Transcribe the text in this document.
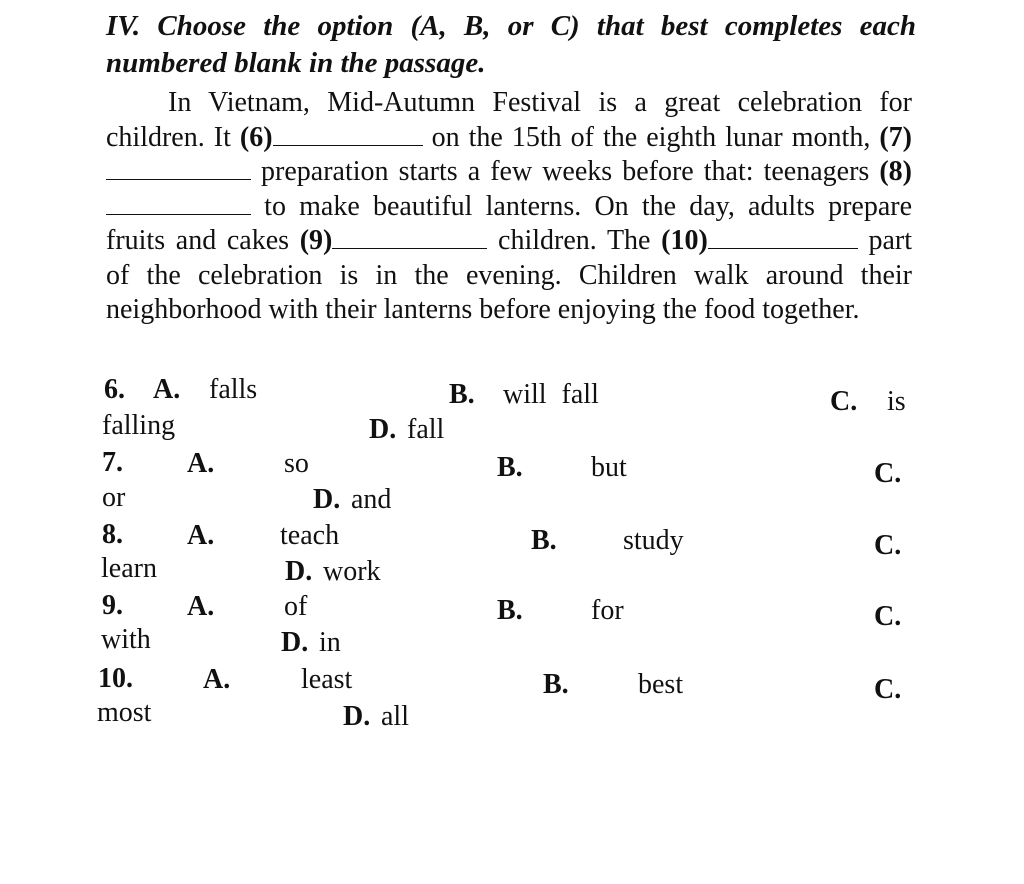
IV. Choose the option (A, B, or C) that best completes each numbered blank in the passage.

In Vietnam, Mid-Autumn Festival is a great celebration for children. It (6)	on the 15th of the eighth lunar month, (7)  preparation starts a few weeks before that: teenagers (8) to make beautiful lanterns. On the day, adults prepare fruits and cakes (9)	children. The (10)	part of the celebration is in the evening. Children walk around their neighborhood with their lanterns before enjoying the food together.

6. A. falls	B. will fall	C. is
falling	D. fall
7. A. so	B. but	C.
or	D. and
8. A. teach	B. study	C.
learn	D. work
9. A. of	B. for	C.
with	D. in
10.	A.	least	B. best	C.
most	D. all
